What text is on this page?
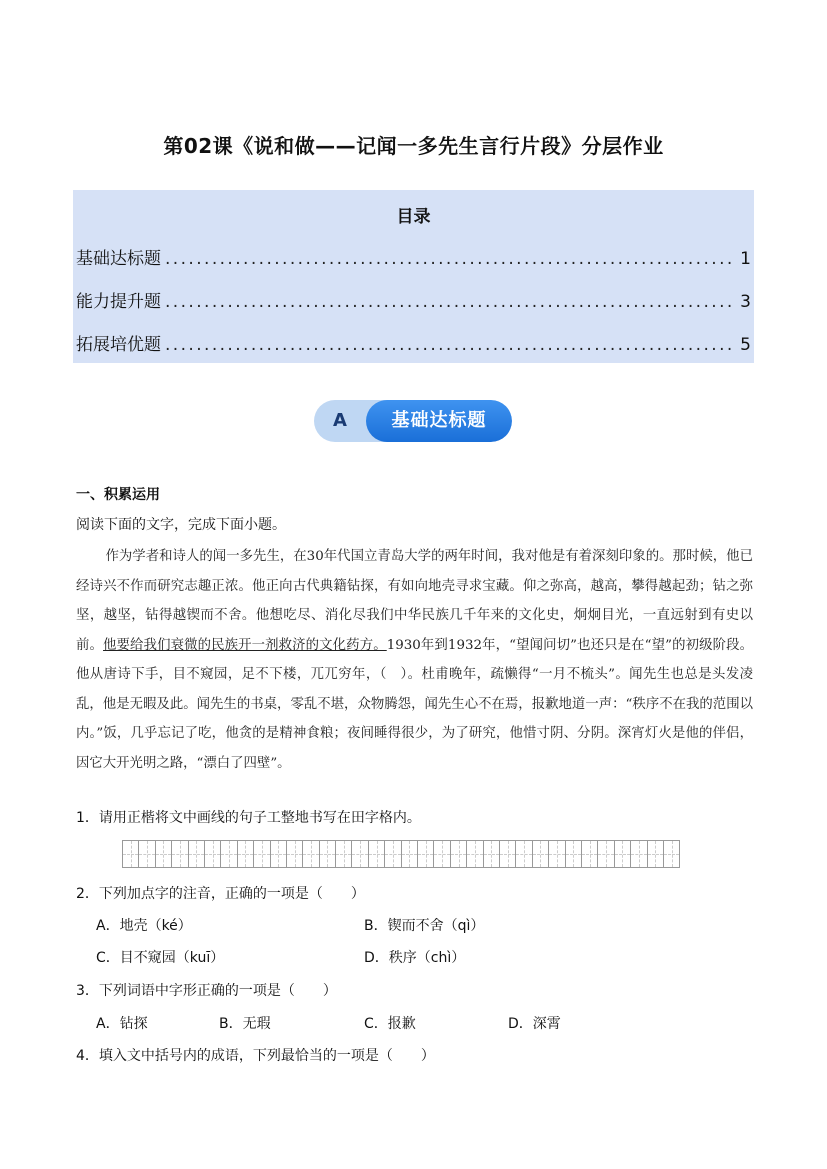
第02课《说和做——记闻一多先生言行片段》分层作业
目录
基础达标题 .....	1
能力提升题 .....	3
拓展培优题 .....	5
A	基础达标题
一、积累运用
阅读下面的文字，完成下面小题。
作为学者和诗人的闻一多先生，在30年代国立青岛大学的两年时间，我对他是有着深刻印象的。那时候，他已经诗兴不作而研究志趣正浓。他正向古代典籍钻探，有如向地壳寻求宝藏。仰之弥高，越高，攀得越起劲；钻之弥坚，越坚，钻得越锲而不舍。他想吃尽、消化尽我们中华民族几千年来的文化史，炯炯目光，一直远射到有史以前。他要给我们衰微的民族开一剂救济的文化药方。1930年到1932年，“望闻问切”也还只是在“望”的初级阶段。他从唐诗下手，目不窥园，足不下楼，兀兀穷年，（　）。杜甫晚年，疏懒得“一月不梳头”。闻先生也总是头发凌乱，他是无暇及此。闻先生的书桌，零乱不堪，众物腾怨，闻先生心不在焉，报歉地道一声：“秩序不在我的范围以内。”饭，几乎忘记了吃，他贪的是精神食粮；夜间睡得很少，为了研究，他惜寸阴、分阴。深宵灯火是他的伴侣，因它大开光明之路，“漂白了四壁”。
1．请用正楷将文中画线的句子工整地书写在田字格内。
2．下列加点字的注音，正确的一项是（　　）
A．地壳（ké）	B．锲而不舍（qì）
C．目不窥园（kuī）	D．秩序（chì）
3．下列词语中字形正确的一项是（　　）
A．钻探	B．无瑕	C．报歉	D．深霄
4．填入文中括号内的成语，下列最恰当的一项是（　　）
